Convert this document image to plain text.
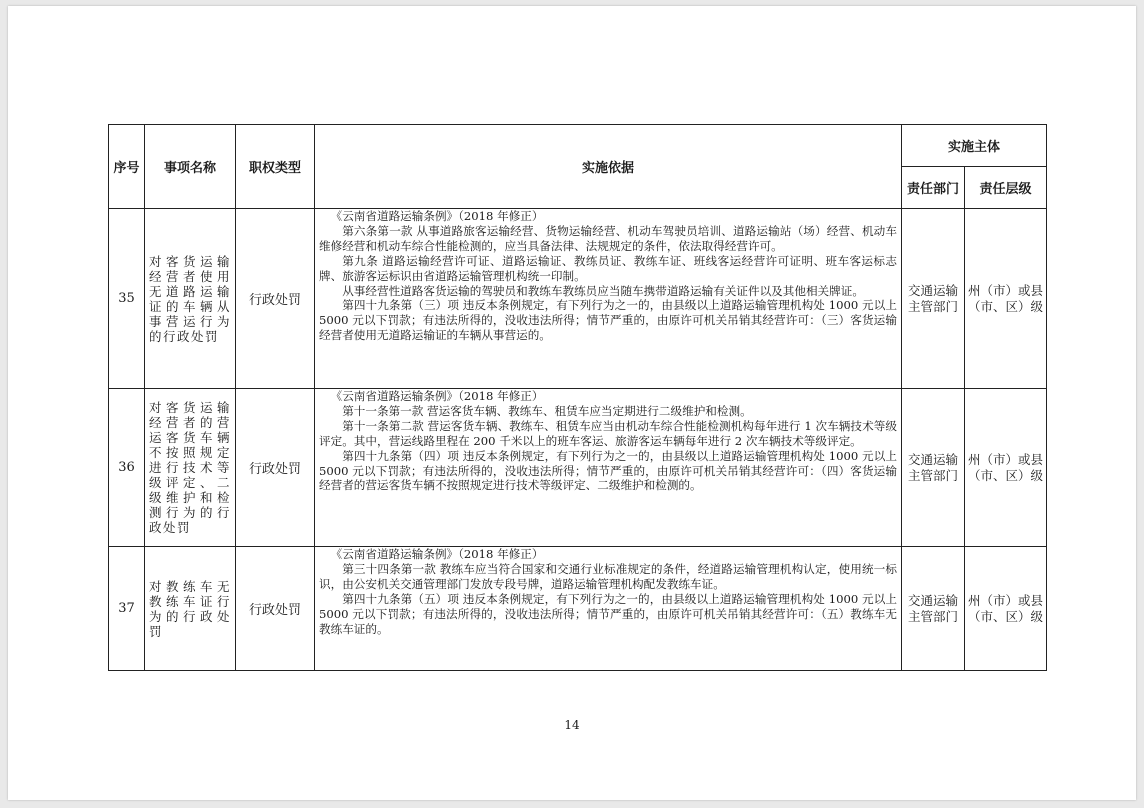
序号	事项名称	职权类型	实施依据	实施主体	
				责任部门	责任层级
35	对客货运输经营者使用无道路运输证的车辆从事营运行为的行政处罚	行政处罚	《云南省道路运输条例》（2018 年修正）

第六条第一款 从事道路旅客运输经营、货物运输经营、机动车驾驶员培训、道路运输站（场）经营、机动车维修经营和机动车综合性能检测的，应当具备法律、法规规定的条件，依法取得经营许可。

第九条 道路运输经营许可证、道路运输证、教练员证、教练车证、班线客运经营许可证明、班车客运标志牌、旅游客运标识由省道路运输管理机构统一印制。

从事经营性道路客货运输的驾驶员和教练车教练员应当随车携带道路运输有关证件以及其他相关牌证。

第四十九条第（三）项 违反本条例规定，有下列行为之一的，由县级以上道路运输管理机构处 1000 元以上 5000 元以下罚款；有违法所得的，没收违法所得；情节严重的，由原许可机关吊销其经营许可：（三）客货运输经营者使用无道路运输证的车辆从事营运的。	交通运输主管部门	州（市）或县（市、区）级
36	对客货运输经营者的营运客货车辆不按照规定进行技术等级评定、二级维护和检测行为的行政处罚	行政处罚	《云南省道路运输条例》（2018 年修正）

第十一条第一款 营运客货车辆、教练车、租赁车应当定期进行二级维护和检测。

第十一条第二款 营运客货车辆、教练车、租赁车应当由机动车综合性能检测机构每年进行 1 次车辆技术等级评定。其中，营运线路里程在 200 千米以上的班车客运、旅游客运车辆每年进行 2 次车辆技术等级评定。

第四十九条第（四）项 违反本条例规定，有下列行为之一的，由县级以上道路运输管理机构处 1000 元以上 5000 元以下罚款；有违法所得的，没收违法所得；情节严重的，由原许可机关吊销其经营许可：（四）客货运输经营者的营运客货车辆不按照规定进行技术等级评定、二级维护和检测的。	交通运输主管部门	州（市）或县（市、区）级
37	对教练车无教练车证行为的行政处罚	行政处罚	《云南省道路运输条例》（2018 年修正）

第三十四条第一款 教练车应当符合国家和交通行业标准规定的条件，经道路运输管理机构认定，使用统一标识，由公安机关交通管理部门发放专段号牌，道路运输管理机构配发教练车证。

第四十九条第（五）项 违反本条例规定，有下列行为之一的，由县级以上道路运输管理机构处 1000 元以上 5000 元以下罚款；有违法所得的，没收违法所得；情节严重的，由原许可机关吊销其经营许可：（五）教练车无教练车证的。	交通运输主管部门	州（市）或县（市、区）级
14
